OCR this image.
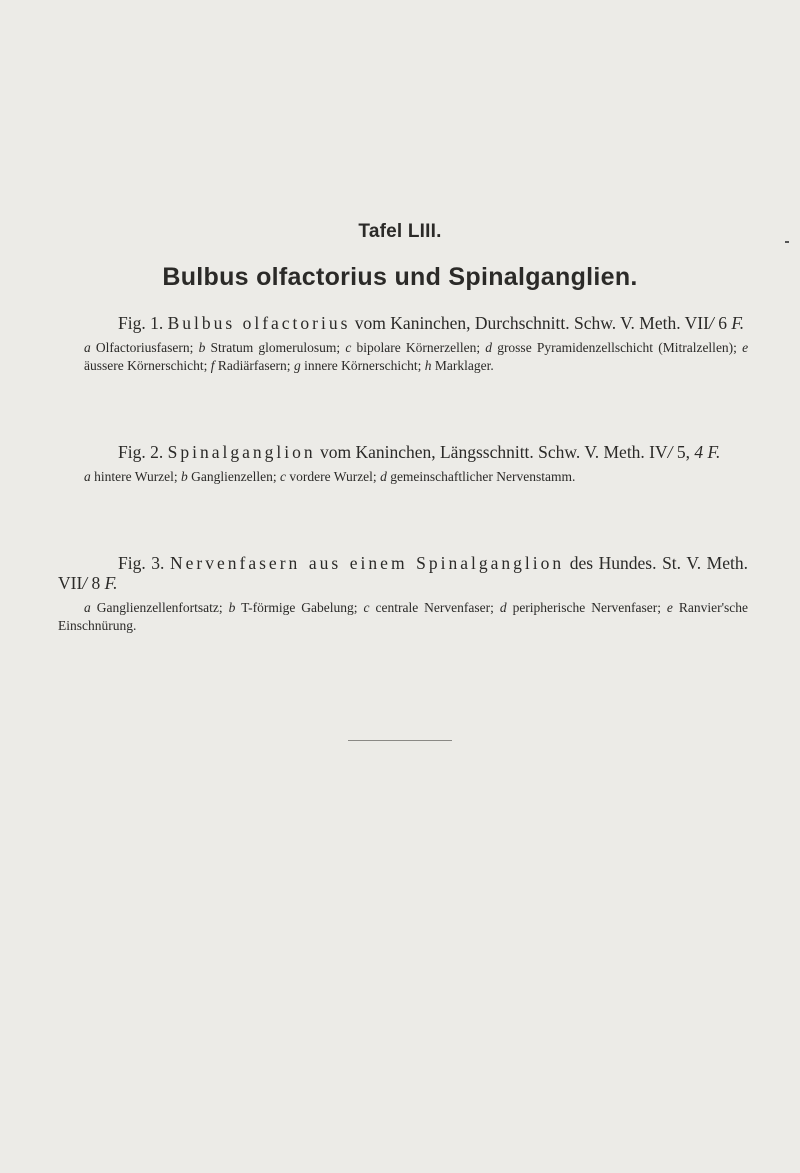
Tafel LIII.
Bulbus olfactorius und Spinalganglien.
Fig. 1. Bulbus olfactorius vom Kaninchen, Durchschnitt. Schw. V. Meth. VII/ 6 F.
a Olfactoriusfasern; b Stratum glomerulosum; c bipolare Körnerzellen; d grosse Pyramidenzellschicht (Mitralzellen); e äussere Körnerschicht; f Radiärfasern; g innere Körnerschicht; h Marklager.
Fig. 2. Spinalganglion vom Kaninchen, Längsschnitt. Schw. V. Meth. IV/ 5, 4 F.
a hintere Wurzel; b Ganglienzellen; c vordere Wurzel; d gemeinschaftlicher Nervenstamm.
Fig. 3. Nervenfasern aus einem Spinalganglion des Hundes. St. V. Meth. VII/ 8 F.
a Ganglienzellenfortsatz; b T-förmige Gabelung; c centrale Nervenfaser; d peripherische Nervenfaser; e Ranvier'sche Einschnürung.
